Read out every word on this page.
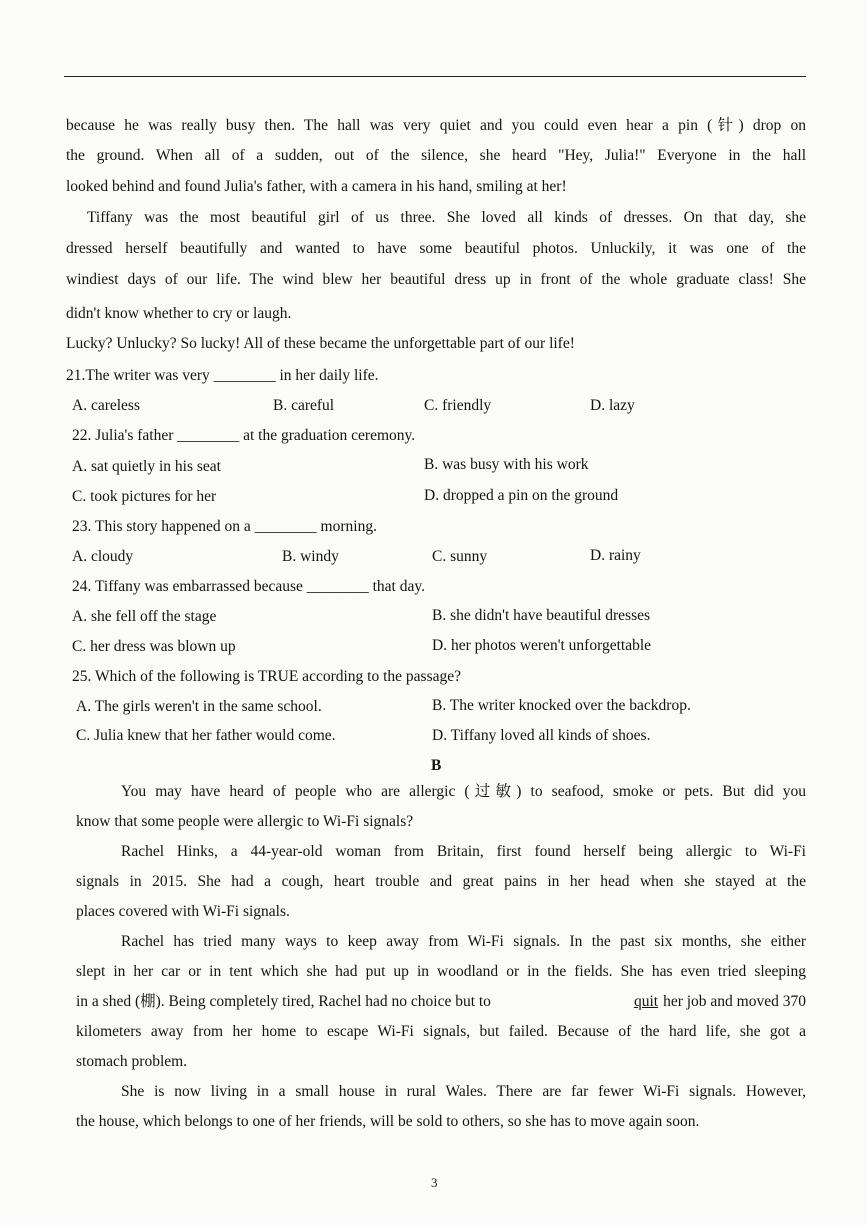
because he was really busy then. The hall was very quiet and you could even hear a pin (针) drop on
the ground. When all of a sudden, out of the silence, she heard "Hey, Julia!" Everyone in the hall
looked behind and found Julia's father, with a camera in his hand, smiling at her!
Tiffany was the most beautiful girl of us three. She loved all kinds of dresses. On that day, she
dressed herself beautifully and wanted to have some beautiful photos. Unluckily, it was one of the
windiest days of our life. The wind blew her beautiful dress up in front of the whole graduate class! She
didn't know whether to cry or laugh.
Lucky? Unlucky? So lucky! All of these became the unforgettable part of our life!
21.The writer was very ________ in her daily life.
A. careless	B. careful	C. friendly	D. lazy
22. Julia's father ________ at the graduation ceremony.
A. sat quietly in his seat	B. was busy with his work
C. took pictures for her	D. dropped a pin on the ground
23. This story happened on a ________ morning.
A. cloudy	B. windy	C. sunny	D. rainy
24. Tiffany was embarrassed because ________ that day.
A. she fell off the stage	B. she didn't have beautiful dresses
C. her dress was blown up	D. her photos weren't unforgettable
25. Which of the following is TRUE according to the passage?
A. The girls weren't in the same school.	B. The writer knocked over the backdrop.
C. Julia knew that her father would come.	D. Tiffany loved all kinds of shoes.
B
You may have heard of people who are allergic (过敏) to seafood, smoke or pets. But did you
know that some people were allergic to Wi-Fi signals?
Rachel Hinks, a 44-year-old woman from Britain, first found herself being allergic to Wi-Fi
signals in 2015. She had a cough, heart trouble and great pains in her head when she stayed at the
places covered with Wi-Fi signals.
Rachel has tried many ways to keep away from Wi-Fi signals. In the past six months, she either
slept in her car or in tent which she had put up in woodland or in the fields. She has even tried sleeping
in a shed (棚). Being completely tired, Rachel had no choice but to	quit her job and moved 370
kilometers away from her home to escape Wi-Fi signals, but failed. Because of the hard life, she got a
stomach problem.
She is now living in a small house in rural Wales. There are far fewer Wi-Fi signals. However,
the house, which belongs to one of her friends, will be sold to others, so she has to move again soon.
3
